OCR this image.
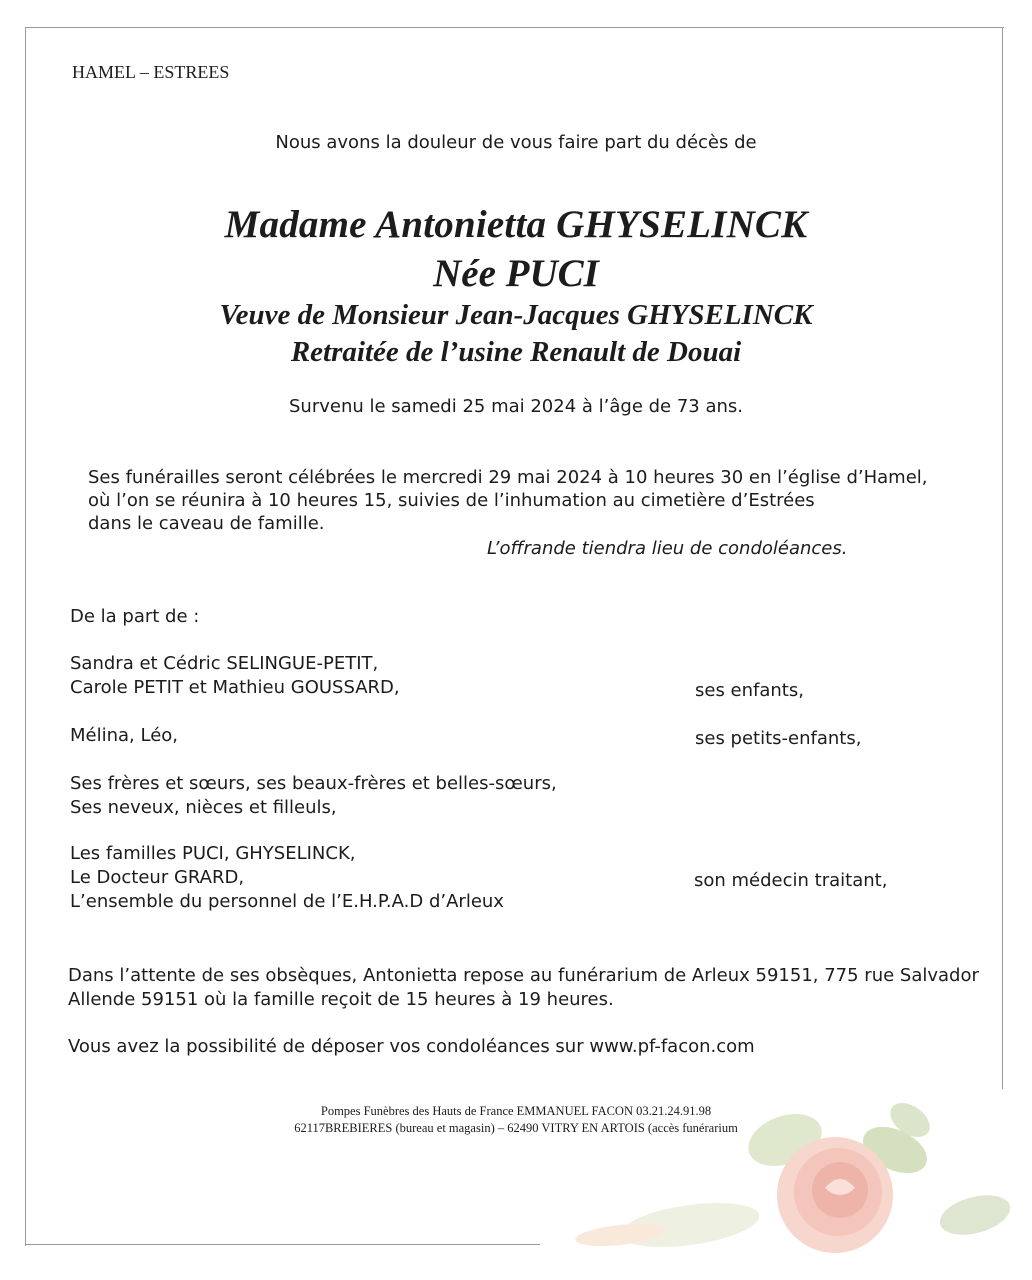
HAMEL – ESTREES
Nous avons la douleur de vous faire part du décès de
Madame Antonietta GHYSELINCK
Née PUCI
Veuve de Monsieur Jean-Jacques GHYSELINCK
Retraitée de l’usine Renault de Douai
Survenu le samedi 25 mai 2024 à l’âge de 73 ans.
Ses funérailles seront célébrées le mercredi 29 mai 2024 à 10 heures 30 en l’église d’Hamel,
où l’on se réunira à 10 heures 15, suivies de l’inhumation au cimetière d’Estrées
dans le caveau de famille.
L’offrande tiendra lieu de condoléances.
De la part de :
Sandra et Cédric SELINGUE-PETIT,
Carole PETIT et Mathieu GOUSSARD,	ses enfants,
Mélina, Léo,	ses petits-enfants,
Ses frères et sœurs, ses beaux-frères et belles-sœurs,
Ses neveux, nièces et filleuls,
Les familles PUCI, GHYSELINCK,
Le Docteur GRARD,
L’ensemble du personnel de l’E.H.P.A.D d’Arleux
son médecin traitant,
Dans l’attente de ses obsèques, Antonietta repose au funérarium de Arleux 59151, 775 rue Salvador
Allende 59151 où la famille reçoit de 15 heures à 19 heures.
Vous avez la possibilité de déposer vos condoléances sur www.pf-facon.com
Pompes Funèbres des Hauts de France EMMANUEL FACON 03.21.24.91.98
62117BREBIERES (bureau et magasin) – 62490 VITRY EN ARTOIS (accès funérarium
